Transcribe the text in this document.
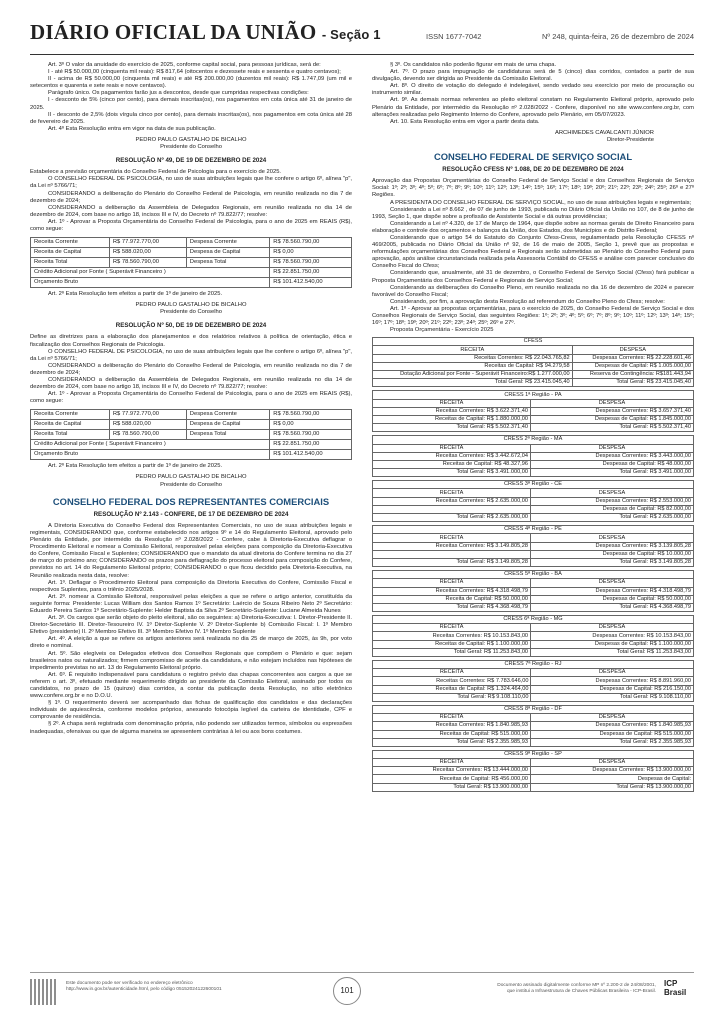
DIÁRIO OFICIAL DA UNIÃO - Seção 1	ISSN 1677-7042	Nº 248, quinta-feira, 26 de dezembro de 2024

Art. 3º O valor da anuidade do exercício de 2025, conforme capital social, para pessoas jurídicas, será de:

I - até R$ 50.000,00 (cinquenta mil reais): R$ 817,64 (oitocentos e dezessete reais e sessenta e quatro centavos);

II - acima de R$ 50.000,00 (cinquenta mil reais) e até R$ 200.000,00 (duzentos mil reais): R$ 1.747,09 (um mil e setecentos e quarenta e sete reais e nove centavos).

Parágrafo único. Os pagamentos farão jus a descontos, desde que cumpridas respectivas condições:

I - desconto de 5% (cinco por cento), para demais inscritas(os), nos pagamentos em cota única até 31 de janeiro de 2025.

II - desconto de 2,5% (dois vírgula cinco por cento), para demais inscritas(os), nos pagamentos em cota única até 28 de fevereiro de 2025.

Art. 4º Esta Resolução entra em vigor na data de sua publicação.

PEDRO PAULO GASTALHO DE BICALHO
Presidente do Conselho
RESOLUÇÃO Nº 49, DE 19 DE DEZEMBRO DE 2024

Estabelece a previsão orçamentária do Conselho Federal de Psicologia para o exercício de 2025.

O CONSELHO FEDERAL DE PSICOLOGIA, no uso de suas atribuições legais que lhe confere o artigo 6º, alínea "p", da Lei nº 5766/71;

CONSIDERANDO a deliberação do Plenário do Conselho Federal de Psicologia, em reunião realizada no dia 7 de dezembro de 2024;

CONSIDERANDO a deliberação da Assembleia de Delegados Regionais, em reunião realizada no dia 14 de dezembro de 2024, com base no artigo 18, incisos III e IV, do Decreto nº 79.822/77; resolve:

Art. 1º - Aprovar a Proposta Orçamentária do Conselho Federal de Psicologia, para o ano de 2025 em REAIS (R$), como segue:

Receita Corrente	R$ 77.972.770,00	Despesa Corrente	R$ 78.560.790,00
Receita de Capital	R$ 588.020,00	Despesa de Capital	R$ 0,00
Receita Total	R$ 78.560.790,00	Despesa Total	R$ 78.560.790,00
Crédito Adicional por Fonte ( Superávit Financeiro )			R$ 22.851.750,00
Orçamento Bruto			R$ 101.412.540,00

Art. 2º Esta Resolução tem efeitos a partir de 1º de janeiro de 2025.

PEDRO PAULO GASTALHO DE BICALHO
Presidente do Conselho
RESOLUÇÃO Nº 50, DE 19 DE DEZEMBRO DE 2024

Define as diretrizes para a elaboração dos planejamentos e dos relatórios relativos à política de orientação, ética e fiscalização dos Conselhos Regionais de Psicologia.

O CONSELHO FEDERAL DE PSICOLOGIA, no uso de suas atribuições legais que lhe confere o artigo 6º, alínea "p", da Lei nº 5766/71;

CONSIDERANDO a deliberação do Plenário do Conselho Federal de Psicologia, em reunião realizada no dia 7 de dezembro de 2024;

CONSIDERANDO a deliberação da Assembleia de Delegados Regionais, em reunião realizada no dia 14 de dezembro de 2024, com base no artigo 18, incisos III e IV, do Decreto nº 79.822/77; resolve:

Art. 1º - Aprovar a Proposta Orçamentária do Conselho Federal de Psicologia, para o ano de 2025 em REAIS (R$), como segue:

Receita Corrente	R$ 77.972.770,00	Despesa Corrente	R$ 78.560.790,00
Receita de Capital	R$ 588.020,00	Despesa de Capital	R$ 0,00
Receita Total	R$ 78.560.790,00	Despesa Total	R$ 78.560.790,00
Crédito Adicional por Fonte ( Superávit Financeiro )			R$ 22.851.750,00
Orçamento Bruto			R$ 101.412.540,00

Art. 2º Esta Resolução tem efeitos a partir de 1º de janeiro de 2025.

PEDRO PAULO GASTALHO DE BICALHO
Presidente do Conselho
CONSELHO FEDERAL DOS REPRESENTANTES COMERCIAIS
RESOLUÇÃO Nº 2.143 - CONFERE, DE 17 DE DEZEMBRO DE 2024

A Diretoria Executiva do Conselho Federal dos Representantes Comerciais, no uso de suas atribuições legais e regimentais, CONSIDERANDO que, conforme estabelecido nos artigos 9º e 14 do Regulamento Eleitoral, aprovado pelo Plenário da Entidade, por intermédio da Resolução nº 2.028/2022 - Confere, cabe à Diretoria-Executiva deflagrar o Procedimento Eleitoral e nomear a Comissão Eleitoral, responsável pelas eleições para composição da Diretoria-Executiva do Confere, Comissão Fiscal e Suplentes; CONSIDERANDO que o mandato da atual diretoria do Confere termina no dia 27 de março do próximo ano; CONSIDERANDO os prazos para deflagração do processo eleitoral para composição do Confere, previstos no art. 14 do Regulamento Eleitoral próprio; CONSIDERANDO o que ficou decidido pela Diretoria-Executiva, na Reunião realizada nesta data, resolve:

Art. 1º. Deflagar o Procedimento Eleitoral para composição da Diretoria Executiva do Confere, Comissão Fiscal e respectivos Suplentes, para o triênio 2025/2028.

Art. 2º. nomear a Comissão Eleitoral, responsável pelas eleições a que se refere o artigo anterior, constituída da seguinte forma: Presidente: Lucas William dos Santos Ramos 1º Secretário: Laércio de Souza Ribeiro Neto 2º Secretário: Eduardo Pereira Santos 1º Secretário-Suplente: Helder Baptista da Silva 2º Secretário-Suplente: Luciane Almeida Nunes

Art. 3º. Os cargos que serão objeto do pleito eleitoral, são os seguintes: a) Diretoria-Executiva: I. Diretor-Presidente II. Diretor-Secretário III. Diretor-Tesoureiro IV. 1º Diretor-Suplente V. 2º Diretor-Suplente b) Comissão Fiscal: I. 1º Membro Efetivo (presidente) II. 2º Membro Efetivo III. 3º Membro Efetivo IV. 1º Membro Suplente

Art. 4º. A eleição a que se refere os artigos anteriores será realizada no dia 25 de março de 2025, às 9h, por voto direto e nominal.

Art. 5º. São elegíveis os Delegados efetivos dos Conselhos Regionais que compõem o Plenário e que: sejam brasileiros natos ou naturalizados; firmem compromisso de aceite da candidatura, e não estejam incluídos nas hipóteses de impedimento previstas no art. 13 do Regulamento Eleitoral próprio.

Art. 6º. É requisito indispensável para candidatura o registro prévio das chapas concorrentes aos cargos a que se referem o art. 3º, efetuado mediante requerimento dirigido ao presidente da Comissão Eleitoral, assinado por todos os candidatos, no prazo de 15 (quinze) dias corridos, a contar da publicação desta Resolução, no sítio eletrônico www.confere.org.br e no D.O.U.

§ 1º. O requerimento deverá ser acompanhado das fichas de qualificação dos candidatos e das declarações individuais de aquiescência, conforme modelos próprios, anexando fotocópia legível da carteira de identidade, CPF e comprovante de residência.

§ 2º. A chapa será registrada com denominação própria, não podendo ser utilizados termos, símbolos ou expressões inadequadas, ofensivas ou que de alguma maneira se apresentem contrárias à lei ou aos bons costumes.

§ 3º. Os candidatos não poderão figurar em mais de uma chapa.

Art. 7º. O prazo para impugnação de candidaturas será de 5 (cinco) dias corridos, contados a partir de sua divulgação, devendo ser dirigida ao Presidente da Comissão Eleitoral.

Art. 8º. O direito de votação do delegado é indelegável, sendo vedado seu exercício por meio de procuração ou instrumento similar.

Art. 9º. As demais normas referentes ao pleito eleitoral constam no Regulamento Eleitoral próprio, aprovado pelo Plenário da Entidade, por intermédio da Resolução nº 2.028/2022 - Confere, disponível no site www.confere.org.br, com alterações realizadas pelo Regimento Interno do Confere, aprovado pelo Plenário, em 05/07/2023.

Art. 10. Esta Resolução entra em vigor a partir desta data.

ARCHIMEDES CAVALCANTI JÚNIOR
Diretor-Presidente
CONSELHO FEDERAL DE SERVIÇO SOCIAL
RESOLUÇÃO CFESS Nº 1.088, DE 20 DE DEZEMBRO DE 2024

Aprovação das Propostas Orçamentárias do Conselho Federal de Serviço Social e dos Conselhos Regionais de Serviço Social: 1º; 2º; 3º; 4º; 5º; 6º; 7º; 8º; 9º; 10º; 11º; 12º; 13º; 14º; 15º; 16º; 17º; 18º; 19º; 20º; 21º; 22º; 23º; 24º; 25º; 26º e 27º Regiões.

A PRESIDENTA DO CONSELHO FEDERAL DE SERVIÇO SOCIAL, no uso de suas atribuições legais e regimentais;

Considerando a Lei nº 8.662 , de 07 de junho de 1993, publicada no Diário Oficial da União no 107, de 8 de junho de 1993, Seção 1, que dispõe sobre a profissão de Assistente Social e dá outras providências;

Considerando a Lei nº 4.320, de 17 de Março de 1964, que dispõe sobre as normas gerais de Direito Financeiro para elaboração e controle dos orçamentos e balanços da União, dos Estados, dos Municípios e do Distrito Federal;

Considerando que o artigo 54 do Estatuto do Conjunto Cfess-Cress, regulamentado pela Resolução CFESS nº 469/2005, publicada no Diário Oficial da União nº 92, de 16 de maio de 2005, Seção 1, prevê que as propostas e reformulações orçamentárias dos Conselhos Federal e Regionais serão submetidas ao Plenário do Conselho Federal para aprovação, após análise circunstanciada realizada pela Assessoria Contábil do CFESS e análise com parecer conclusivo do Conselho Fiscal do Cfess;

Considerando que, anualmente, até 31 de dezembro, o Conselho Federal de Serviço Social (Cfess) fará publicar a Proposta Orçamentária dos Conselhos Federal e Regionais de Serviço Social;

Considerando as deliberações do Conselho Pleno, em reunião realizada no dia 16 de dezembro de 2024 e parecer favorável do Conselho Fiscal;

Considerando, por fim, a aprovação desta Resolução ad referendum do Conselho Pleno do Cfess; resolve:

Art. 1º - Aprovar as propostas orçamentárias, para o exercício de 2025, do Conselho Federal de Serviço Social e dos Conselhos Regionais de Serviço Social, das seguintes Regiões: 1º; 2º; 3º; 4º; 5º; 6º; 7º; 8º; 9º; 10º; 11º; 12º; 13º; 14º; 15º; 16º; 17º; 18º; 19º; 20º; 21º; 22º; 23º; 24º; 25º; 26º e 27º.

Proposta Orçamentária - Exercício 2025

CFESS	
RECEITA	DESPESA
Receitas Correntes: R$ 22.043.765,82	Despesas Correntes: R$ 22.228.601,46
Receitas de Capital: R$ 94.279,58	Despesas de Capital: R$ 1.005.000,00
Dotação Adicional por Fonte - Superávit Financeiro:R$ 1.277.000,00	Reserva de Contingência: R$181.443,94
Total Geral: R$ 23.415.045,40	Total Geral: R$ 23.415.045,40
CRESS 1ª Região - PA	
RECEITA	DESPESA
Receitas Correntes: R$ 3.622.371,40	Despesas Correntes: R$ 3.657.371,40
Receitas de Capital: R$ 1.880.000,00	Despesas de Capital: R$ 1.845.000,00
Total Geral: R$ 5.502.371,40	Total Geral: R$ 5.502.371,40
CRESS 2ª Região - MA	
RECEITA	DESPESA
Receitas Correntes: R$ 3.442.672,04	Despesas Correntes: R$ 3.443.000,00
Receitas de Capital: R$ 48.327,96	Despesas de Capital: R$ 48.000,00
Total Geral: R$ 3.491.000,00	Total Geral: R$ 3.491.000,00
CRESS 3ª Região - CE	
RECEITA	DESPESA
Receitas Correntes: R$ 2.635.000,00	Despesas Correntes: R$ 2.553.000,00
	Despesas de Capital: R$ 82.000,00
Total Geral: R$ 2.635.000,00	Total Geral: R$ 2.635.000,00
CRESS 4ª Região - PE	
RECEITA	DESPESA
Receitas Correntes: R$ 3.149.805,28	Despesas Correntes: R$ 3.139.805,28
	Despesas de Capital: R$ 10.000,00
Total Geral: R$ 3.149.805,28	Total Geral: R$ 3.149.805,28
CRESS 5ª Região - BA	
RECEITA	DESPESA
Receitas Correntes: R$ 4.318.498,79	Despesas Correntes: R$ 4.318.498,79
Receita de Capital: R$ 50.000,00	Despesas de Capital: R$ 50.000,00
Total Geral: R$ 4.368.498,79	Total Geral: R$ 4.368.498,79
CRESS 6ª Região - MG	
RECEITA	DESPESA
Receitas Correntes: R$ 10.153.843,00	Despesas Correntes: R$ 10.153.843,00
Receitas de Capital: R$ 1.100.000,00	Despesas de Capital: R$ 1.100.000,00
Total Geral: R$ 11.253.843,00	Total Geral: R$ 11.253.843,00
CRESS 7ª Região - RJ	
RECEITA	DESPESA
Receitas Correntes: R$ 7.783.646,00	Despesas Correntes: R$ 8.891.960,00
Receitas de Capital: R$ 1.324.464,00	Despesas de Capital: R$ 216.150,00
Total Geral: R$ 9.108.110,00	Total Geral: R$ 9.108.110,00
CRESS 8ª Região - DF	
RECEITA	DESPESA
Receitas Correntes: R$ 1.840.985,93	Despesas Correntes: R$ 1.840.985,93
Receitas de Capital: R$ 515.000,00	Despesas de Capital: R$ 515.000,00
Total Geral: R$ 2.355.985,93	Total Geral: R$ 2.355.985,93
CRESS 9ª Região - SP	
RECEITA	DESPESA
Receitas Correntes: R$ 13.444.000,00	Despesas Correntes: R$ 13.900.000,00
Receitas de Capital: R$ 456.000,00	Despesas de Capital:
Total Geral: R$ 13.900.000,00	Total Geral: R$ 13.900.000,00
Este documento pode ser verificado no endereço eletrônico
http://www.in.gov.br/autenticidade.html, pelo código 05152024122600101	101
Documento assinado digitalmente conforme MP nº 2.200-2 de 24/08/2001,
que institui a Infraestrutura de Chaves Públicas Brasileira - ICP-Brasil.
ICP Brasil
